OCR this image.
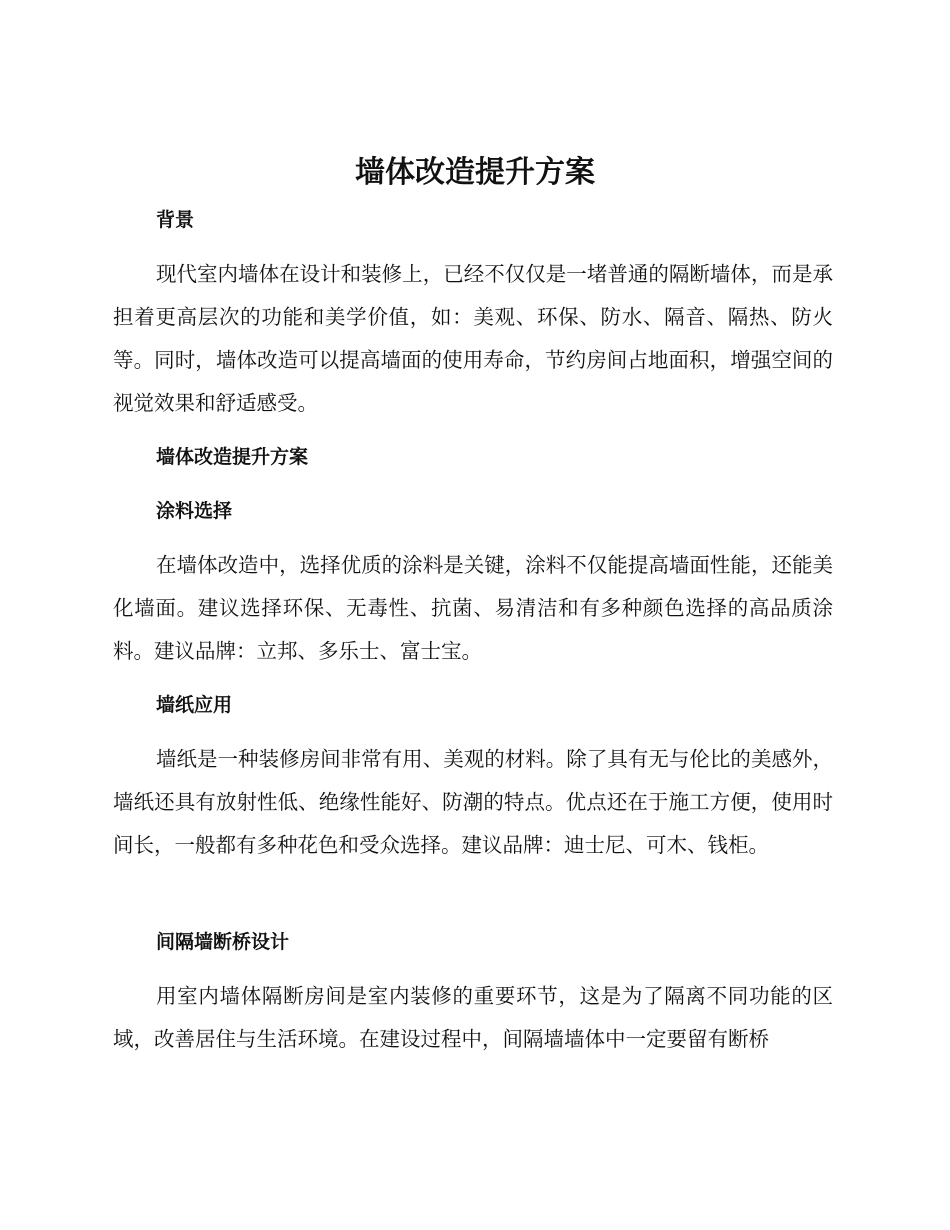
墙体改造提升方案
背景

现代室内墙体在设计和装修上，已经不仅仅是一堵普通的隔断墙体，而是承担着更高层次的功能和美学价值，如：美观、环保、防水、隔音、隔热、防火等。同时，墙体改造可以提高墙面的使用寿命，节约房间占地面积，增强空间的视觉效果和舒适感受。

墙体改造提升方案
涂料选择

在墙体改造中，选择优质的涂料是关键，涂料不仅能提高墙面性能，还能美化墙面。建议选择环保、无毒性、抗菌、易清洁和有多种颜色选择的高品质涂料。建议品牌：立邦、多乐士、富士宝。

墙纸应用

墙纸是一种装修房间非常有用、美观的材料。除了具有无与伦比的美感外，墙纸还具有放射性低、绝缘性能好、防潮的特点。优点还在于施工方便，使用时间长，一般都有多种花色和受众选择。建议品牌：迪士尼、可木、钱柜。

间隔墙断桥设计

用室内墙体隔断房间是室内装修的重要环节，这是为了隔离不同功能的区域，改善居住与生活环境。在建设过程中，间隔墙墙体中一定要留有断桥
